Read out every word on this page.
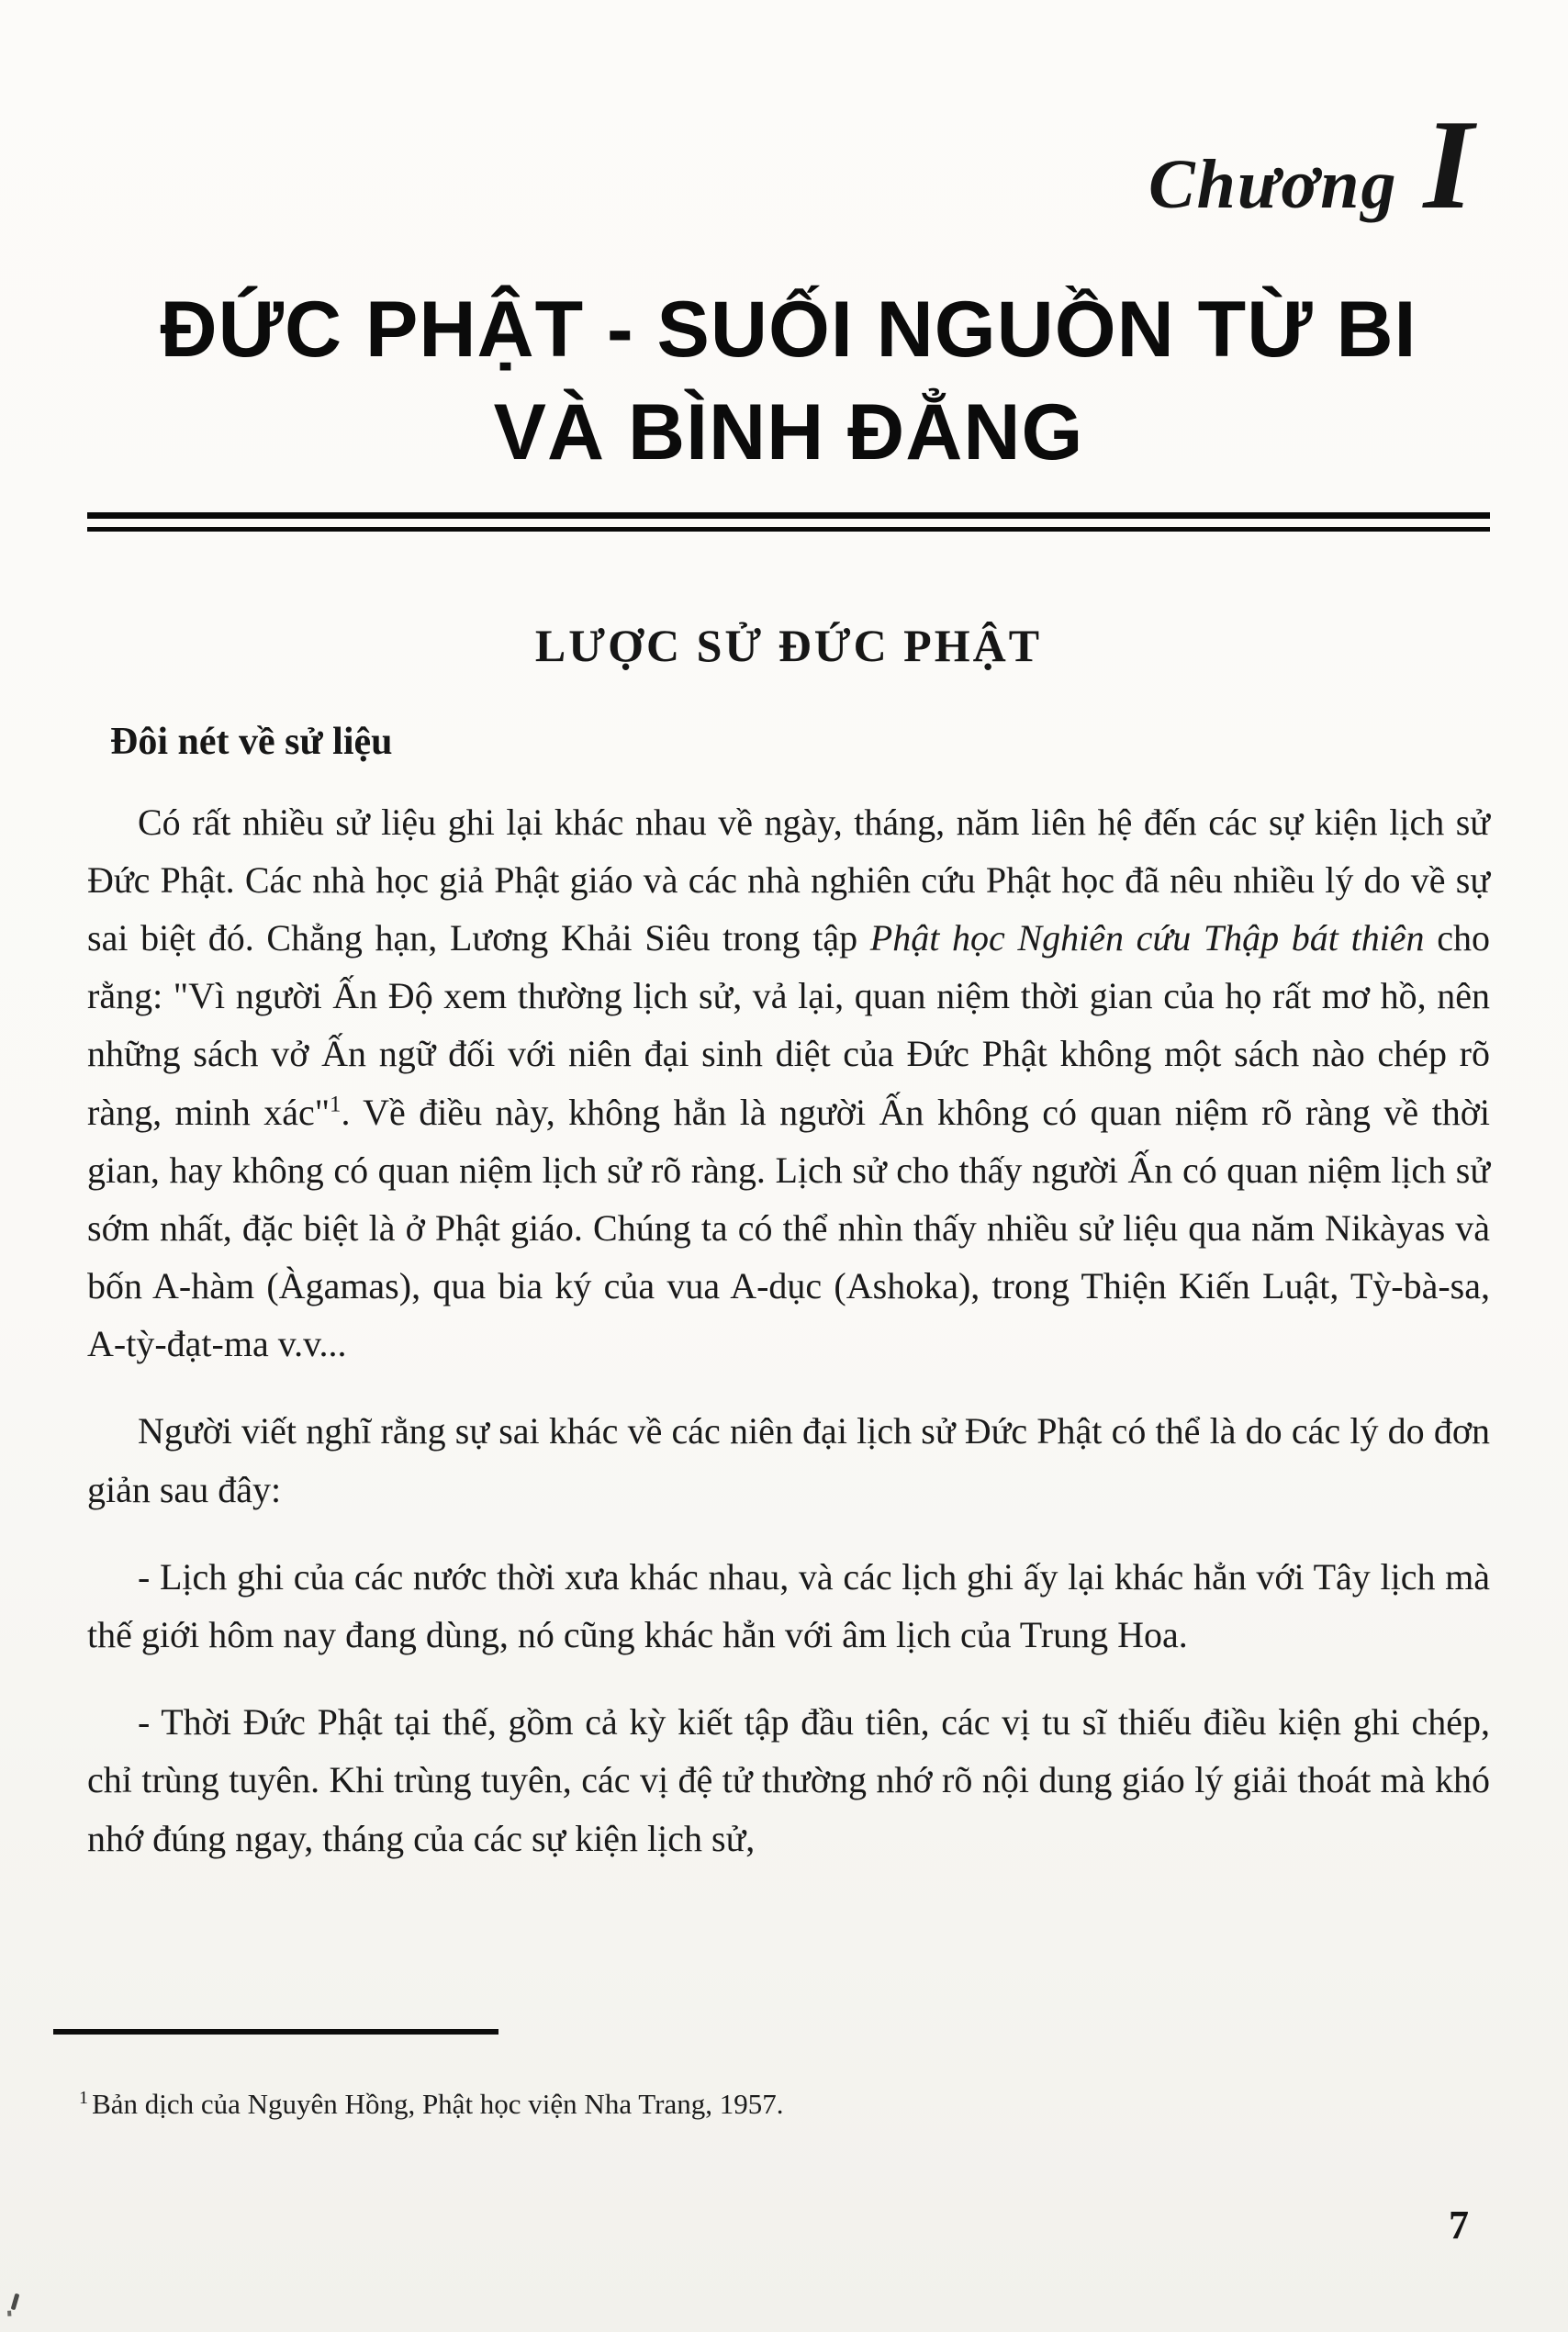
Chương I
ĐỨC PHẬT - SUỐI NGUỒN TỪ BI
VÀ BÌNH ĐẲNG
LƯỢC SỬ ĐỨC PHẬT
Đôi nét về sử liệu

Có rất nhiều sử liệu ghi lại khác nhau về ngày, tháng, năm liên hệ đến các sự kiện lịch sử Đức Phật. Các nhà học giả Phật giáo và các nhà nghiên cứu Phật học đã nêu nhiều lý do về sự sai biệt đó. Chẳng hạn, Lương Khải Siêu trong tập Phật học Nghiên cứu Thập bát thiên cho rằng: "Vì người Ấn Độ xem thường lịch sử, vả lại, quan niệm thời gian của họ rất mơ hồ, nên những sách vở Ấn ngữ đối với niên đại sinh diệt của Đức Phật không một sách nào chép rõ ràng, minh xác"$^1$. Về điều này, không hẳn là người Ấn không có quan niệm rõ ràng về thời gian, hay không có quan niệm lịch sử rõ ràng. Lịch sử cho thấy người Ấn có quan niệm lịch sử sớm nhất, đặc biệt là ở Phật giáo. Chúng ta có thể nhìn thấy nhiều sử liệu qua năm Nikàyas và bốn A-hàm (Àgamas), qua bia ký của vua A-dục (Ashoka), trong Thiện Kiến Luật, Tỳ-bà-sa, A-tỳ-đạt-ma v.v...

Người viết nghĩ rằng sự sai khác về các niên đại lịch sử Đức Phật có thể là do các lý do đơn giản sau đây:

- Lịch ghi của các nước thời xưa khác nhau, và các lịch ghi ấy lại khác hẳn với Tây lịch mà thế giới hôm nay đang dùng, nó cũng khác hẳn với âm lịch của Trung Hoa.

- Thời Đức Phật tại thế, gồm cả kỳ kiết tập đầu tiên, các vị tu sĩ thiếu điều kiện ghi chép, chỉ trùng tuyên. Khi trùng tuyên, các vị đệ tử thường nhớ rõ nội dung giáo lý giải thoát mà khó nhớ đúng ngay, tháng của các sự kiện lịch sử,

$^1$ Bản dịch của Nguyên Hồng, Phật học viện Nha Trang, 1957.

7
